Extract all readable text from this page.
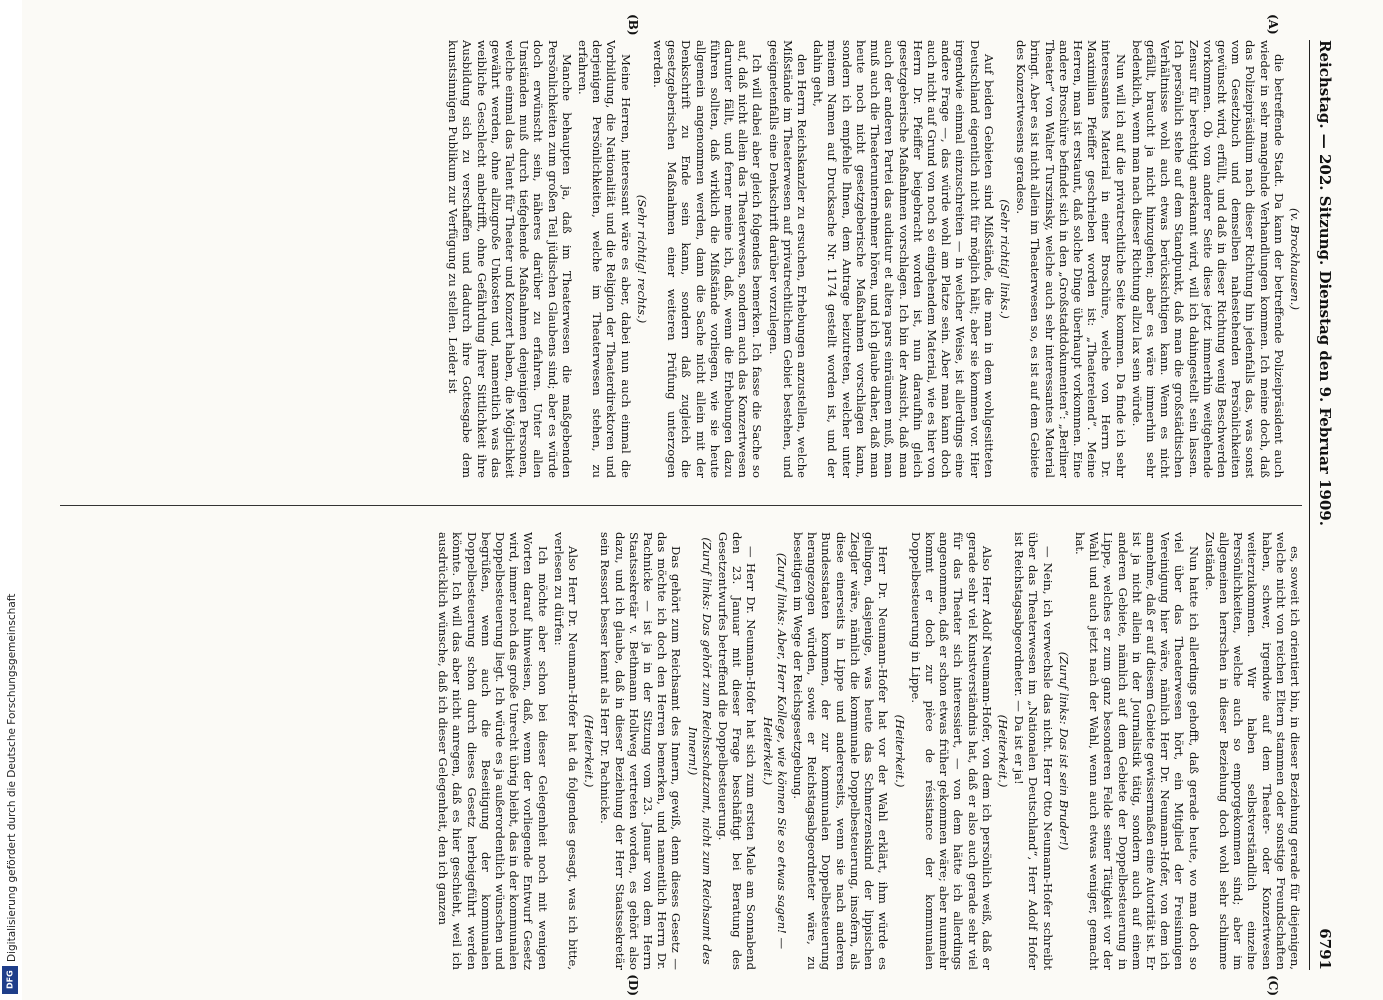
Reichstag. — 202. Sitzung. Dienstag den 9. Februar 1909.
6791

(v. Brockhausen.)

die betreffende Stadt. Da kann der betreffende Polizeipräsident auch wieder in sehr mangelnde Verhandlungen kommen. Ich meine doch, daß das Polizeipräsidium nach dieser Richtung hin jedenfalls das, was sonst vom Gesetzbuch und demselben nahestehenden Persönlichkeiten gewünscht wird, erfüllt, und daß in dieser Richtung wenig Beschwerden vorkommen. Ob von anderer Seite diese jetzt immerhin weitgehende Zensur für berechtigt anerkannt wird, will ich dahingestellt sein lassen. Ich persönlich stehe auf dem Standpunkt, daß man die großstädtischen Verhältnisse wohl auch etwas berücksichtigen kann. Wenn es nicht gefällt, braucht ja nicht hinzugehen; aber es wäre immerhin sehr bedenklich, wenn man nach dieser Richtung allzu lax sein würde.

Nun will ich auf die privatrechtliche Seite kommen. Da finde ich sehr interessantes Material in einer Broschüre, welche von Herrn Dr. Maximilian Pfeiffer geschrieben worden ist: „Theaterelend“. Meine Herren, man ist erstaunt, daß solche Dinge überhaupt vorkommen. Eine andere Broschüre befindet sich in den „Großstadtdokumenten“: „Berliner Theater“ von Walter Turszinsky, welche auch sehr interessantes Material bringt. Aber es ist nicht allein im Theaterwesen so, es ist auf dem Gebiete des Konzertwesens geradeso.

(Sehr richtig! links.)

Auf beiden Gebieten sind Mißstände, die man in dem wohlgesitteten Deutschland eigentlich nicht für möglich hält; aber sie kommen vor. Hier irgendwie einmal einzuschreiten — in welcher Weise, ist allerdings eine andere Frage —, das würde wohl am Platze sein. Aber man kann doch auch nicht auf Grund von noch so eingehendem Material, wie es hier von Herrn Dr. Pfeiffer beigebracht worden ist, nun daraufhin gleich gesetzgeberische Maßnahmen vorschlagen. Ich bin der Ansicht, daß man auch der anderen Partei das audiatur et altera pars einräumen muß, man muß auch die Theaterunternehmer hören, und ich glaube daher, daß man heute noch nicht gesetzgeberische Maßnahmen vorschlagen kann, sondern ich empfehle Ihnen, dem Antrage beizutreten, welcher unter meinem Namen auf Drucksache Nr. 1174 gestellt worden ist, und der dahin geht,

den Herrn Reichskanzler zu ersuchen, Erhebungen anzustellen, welche Mißstände im Theaterwesen auf privatrechtlichem Gebiet bestehen, und geeignetenfalls eine Denkschrift darüber vorzulegen.

Ich will dabei aber gleich folgendes bemerken. Ich fasse die Sache so auf, daß nicht allein das Theaterwesen, sondern auch das Konzertwesen darunter fällt, und ferner meine ich, daß, wenn die Erhebungen dazu führen sollten, daß wirklich die Mißstände vorliegen, wie sie heute allgemein angenommen werden, dann die Sache nicht allein mit der Denkschrift zu Ende sein kann, sondern daß zugleich die gesetzgeberischen Maßnahmen einer weiteren Prüfung unterzogen werden.

(Sehr richtig! rechts.)

Meine Herren, interessant wäre es aber, dabei nun auch einmal die Vorbildung, die Nationalität und die Religion der Theaterdirektoren und derjenigen Persönlichkeiten, welche im Theaterwesen stehen, zu erfahren.

Manche behaupten ja, daß im Theaterwesen die maßgebenden Persönlichkeiten zum großen Teil jüdischen Glaubens sind; aber es würde doch erwünscht sein, näheres darüber zu erfahren. Unter allen Umständen muß durch tiefgehende Maßnahmen denjenigen Personen, welche einmal das Talent für Theater und Konzert haben, die Möglichkeit gewährt werden, ohne allzugroße Unkosten und, namentlich was das weibliche Geschlecht anbetrifft, ohne Gefährdung ihrer Sittlichkeit ihre Ausbildung sich zu verschaffen und dadurch ihre Gottesgabe dem kunstsinnigen Publikum zur Verfügung zu stellen. Leider ist

es, soweit ich orientiert bin, in dieser Beziehung gerade für diejenigen, welche nicht von reichen Eltern stammen oder sonstige Freundschaften haben, schwer, irgendwie auf dem Theater- oder Konzertwesen weiterzukommen. Wir haben selbstverständlich einzelne Persönlichkeiten, welche auch so emporgekommen sind; aber im allgemeinen herrschen in dieser Beziehung doch wohl sehr schlimme Zustände.

Nun hatte ich allerdings gehofft, daß gerade heute, wo man doch so viel über das Theaterwesen hört, ein Mitglied der Freisinnigen Vereinigung hier wäre, nämlich Herr Dr. Neumann-Hofer, von dem ich annehme, daß er auf diesem Gebiete gewissermaßen eine Autorität ist. Er ist ja nicht allein in der Journalistik tätig, sondern auch auf einem anderen Gebiete, nämlich auf dem Gebiete der Doppelbesteuerung in Lippe, welches er zum ganz besonderen Felde seiner Tätigkeit vor der Wahl und auch jetzt nach der Wahl, wenn auch etwas weniger, gemacht hat.

(Zuruf links: Das ist sein Bruder!)

— Nein, ich verwechsle das nicht. Herr Otto Neumann-Hofer schreibt über das Theaterwesen im „Nationalen Deutschland“, Herr Adolf Hofer ist Reichstagsabgeordneter. — Da ist er ja!

(Heiterkeit.)

Also Herr Adolf Neumann-Hofer, von dem ich persönlich weiß, daß er gerade sehr viel Kunstverständnis hat, daß er also auch gerade sehr viel für das Theater sich interessiert, — von dem hätte ich allerdings angenommen, daß er schon etwas früher gekommen wäre; aber nunmehr kommt er doch zur pièce de résistance der kommunalen Doppelbesteuerung in Lippe.

(Heiterkeit.)

Herr Dr. Neumann-Hofer hat vor der Wahl erklärt, ihm würde es gelingen, dasjenige, was heute das Schmerzenskind der lippischen Ziegler wäre, nämlich die kommunale Doppelbesteuerung, insofern, als diese einerseits in Lippe und andererseits, wenn sie nach anderen Bundesstaaten kommen, der zur kommunalen Doppelbesteuerung herangezogen würden, sowie er Reichstagsabgeordneter wäre, zu beseitigen im Wege der Reichsgesetzgebung.

(Zuruf links: Aber, Herr Kollege, wie können Sie so etwas sagen! — Heiterkeit.)

— Herr Dr. Neumann-Hofer hat sich zum ersten Male am Sonnabend den 23. Januar mit dieser Frage beschäftigt bei Beratung des Gesetzentwurfes betreffend die Doppelbesteuerung.

(Zuruf links: Das gehört zum Reichsschatzamt, nicht zum Reichsamt des Innern!)

Das gehört zum Reichsamt des Innern, gewiß, denn dieses Gesetz — das möchte ich doch den Herren bemerken, und namentlich Herrn Dr. Pachnicke — ist ja in der Sitzung vom 23. Januar von dem Herrn Staatssekretär v. Bethmann Hollweg vertreten worden, es gehört also dazu, und ich glaube, daß in dieser Beziehung der Herr Staatssekretär sein Ressort besser kennt als Herr Dr. Pachnicke.

(Heiterkeit.)

Also Herr Dr. Neumann-Hofer hat da folgendes gesagt, was ich bitte, verlesen zu dürfen:

Ich möchte aber schon bei dieser Gelegenheit noch mit wenigen Worten darauf hinweisen, daß, wenn der vorliegende Entwurf Gesetz wird, immer noch das große Unrecht übrig bleibt, das in der kommunalen Doppelbesteuerung liegt. Ich würde es ja außerordentlich wünschen und begrüßen, wenn auch die Beseitigung der kommunalen Doppelbesteuerung schon durch dieses Gesetz herbeigeführt werden könnte. Ich will das aber nicht anregen, daß es hier geschieht, weil ich ausdrücklich wünsche, daß ich dieser Gelegenheit, den ich ganzen

(A)
(B)
(C)
(D)
Digitalisierung gefördert durch die Deutsche Forschungsgemeinschaft
DFG
